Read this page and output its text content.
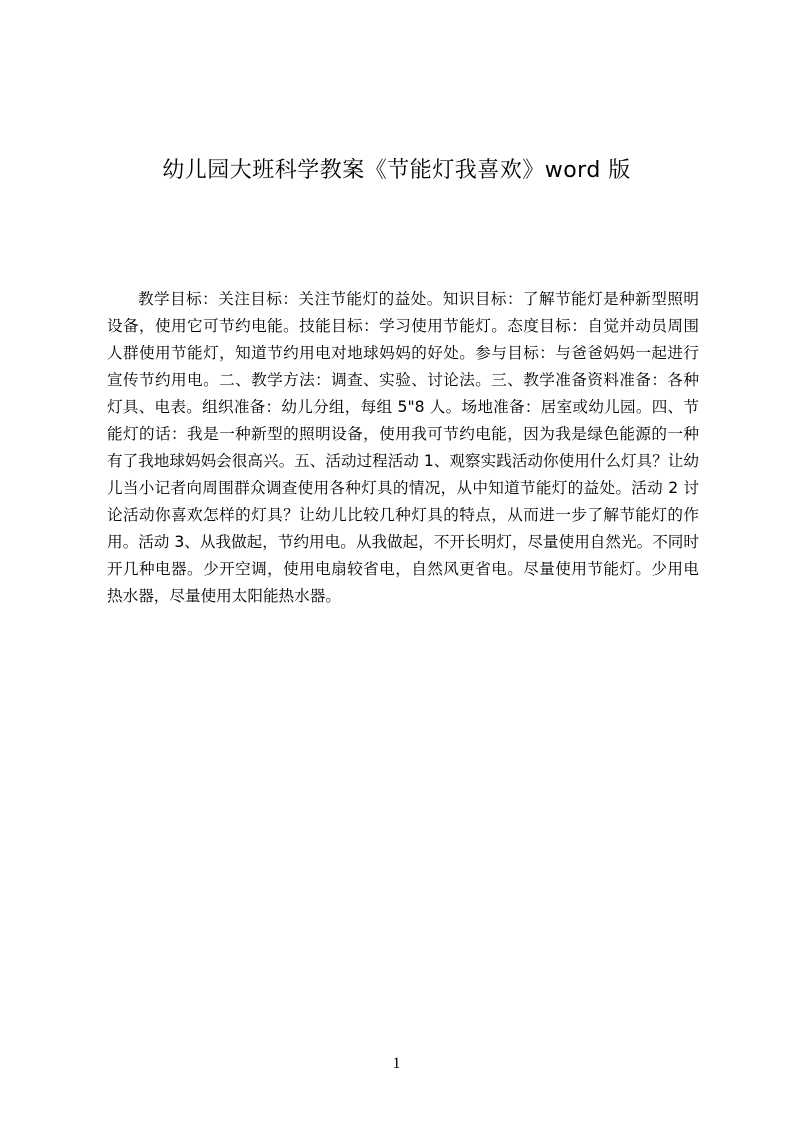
幼儿园大班科学教案《节能灯我喜欢》word 版

教学目标：关注目标：关注节能灯的益处。知识目标：了解节能灯是种新型照明设备，使用它可节约电能。技能目标：学习使用节能灯。态度目标：自觉并动员周围人群使用节能灯，知道节约用电对地球妈妈的好处。参与目标：与爸爸妈妈一起进行宣传节约用电。二、教学方法：调查、实验、讨论法。三、教学准备资料准备：各种灯具、电表。组织准备：幼儿分组，每组 5"8 人。场地准备：居室或幼儿园。四、节能灯的话：我是一种新型的照明设备，使用我可节约电能，因为我是绿色能源的一种有了我地球妈妈会很高兴。五、活动过程活动 1、观察实践活动你使用什么灯具？让幼儿当小记者向周围群众调查使用各种灯具的情况，从中知道节能灯的益处。活动 2 讨论活动你喜欢怎样的灯具？让幼儿比较几种灯具的特点，从而进一步了解节能灯的作用。活动 3、从我做起，节约用电。从我做起，不开长明灯，尽量使用自然光。不同时开几种电器。少开空调，使用电扇较省电，自然风更省电。尽量使用节能灯。少用电热水器，尽量使用太阳能热水器。

1
